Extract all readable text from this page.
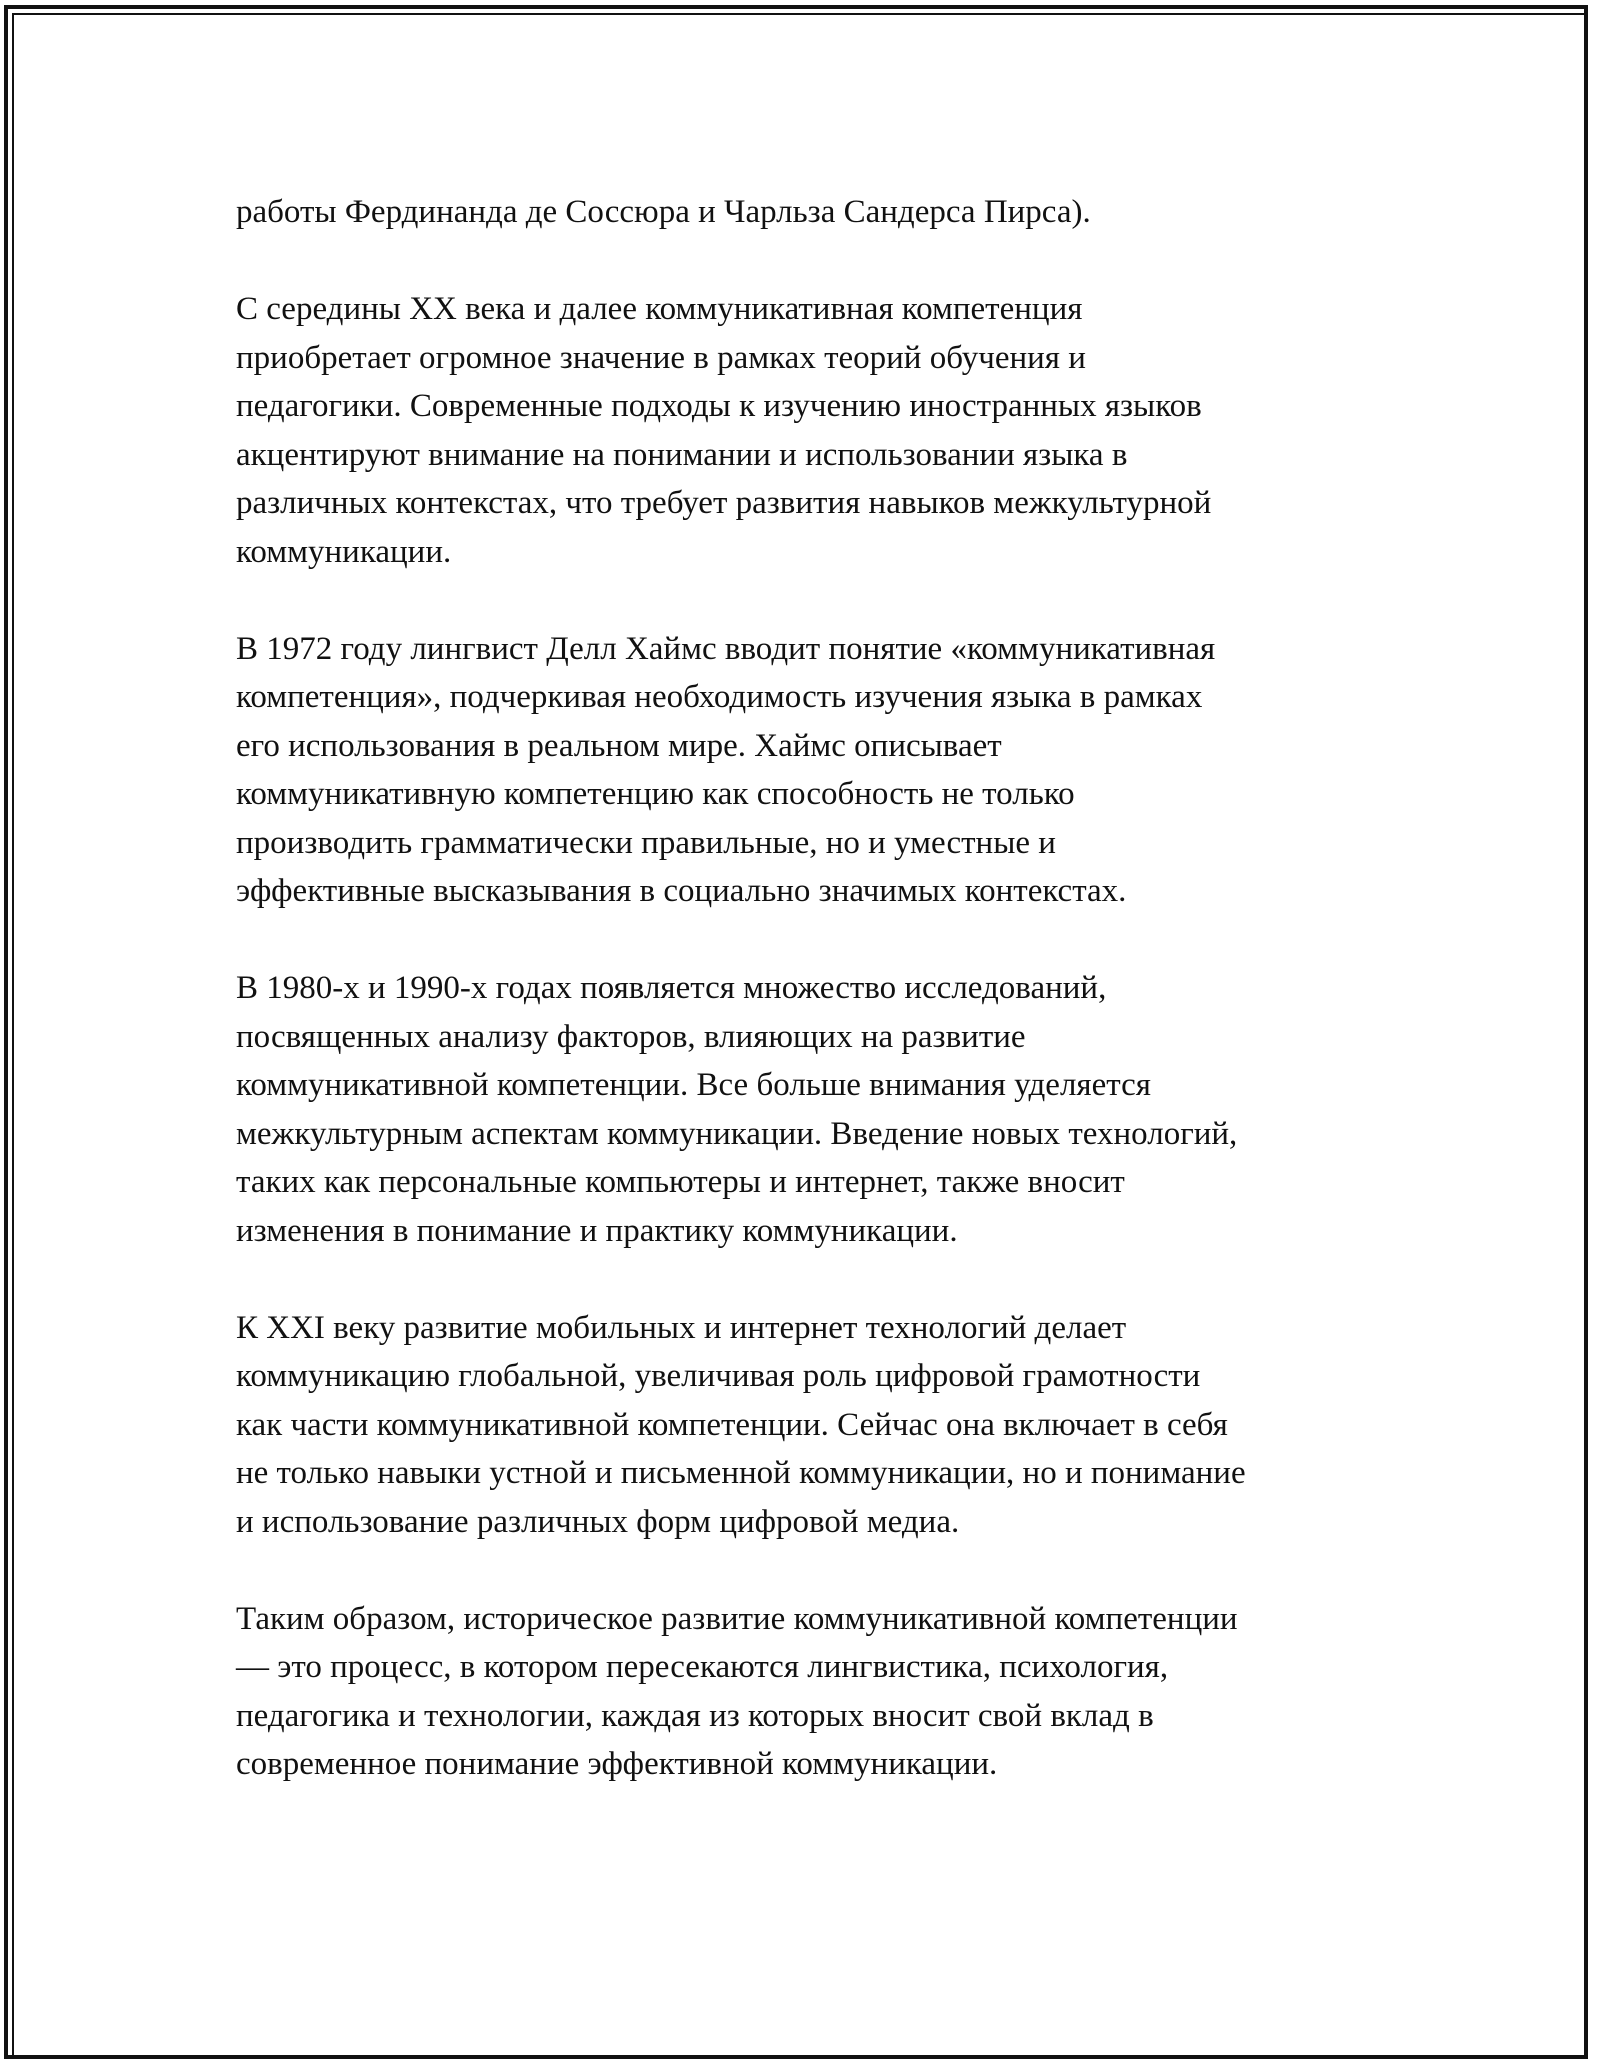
работы Фердинанда де Соссюра и Чарльза Сандерса Пирса).

С середины XX века и далее коммуникативная компетенция
приобретает огромное значение в рамках теорий обучения и
педагогики. Современные подходы к изучению иностранных языков
акцентируют внимание на понимании и использовании языка в
различных контекстах, что требует развития навыков межкультурной
коммуникации.

В 1972 году лингвист Делл Хаймс вводит понятие «коммуникативная
компетенция», подчеркивая необходимость изучения языка в рамках
его использования в реальном мире. Хаймс описывает
коммуникативную компетенцию как способность не только
производить грамматически правильные, но и уместные и
эффективные высказывания в социально значимых контекстах.

В 1980-х и 1990-х годах появляется множество исследований,
посвященных анализу факторов, влияющих на развитие
коммуникативной компетенции. Все больше внимания уделяется
межкультурным аспектам коммуникации. Введение новых технологий,
таких как персональные компьютеры и интернет, также вносит
изменения в понимание и практику коммуникации.

К XXI веку развитие мобильных и интернет технологий делает
коммуникацию глобальной, увеличивая роль цифровой грамотности
как части коммуникативной компетенции. Сейчас она включает в себя
не только навыки устной и письменной коммуникации, но и понимание
и использование различных форм цифровой медиа.

Таким образом, историческое развитие коммуникативной компетенции
— это процесс, в котором пересекаются лингвистика, психология,
педагогика и технологии, каждая из которых вносит свой вклад в
современное понимание эффективной коммуникации.
